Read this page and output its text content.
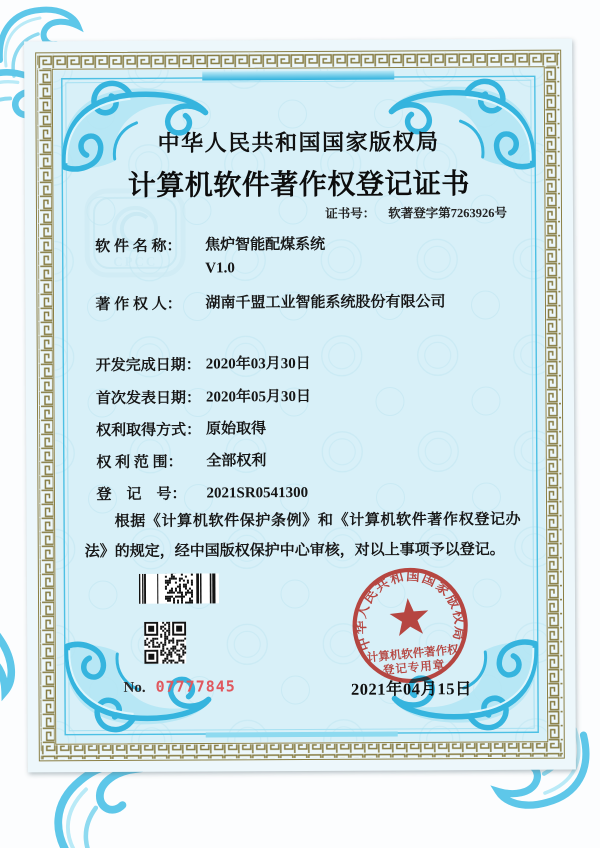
CPCC
中华人民共和国国家版权局
计算机软件著作权登记证书
证书号： 软著登字第7263926号
软 件 名 称：	焦炉智能配煤系统
V1.0
著 作 权 人：	湖南千盟工业智能系统股份有限公司
开发完成日期： 2020年03月30日
首次发表日期： 2020年05月30日
权利取得方式： 原始取得
权 利 范 围：	全部权利
登　记　号：	2021SR0541300
根据《计算机软件保护条例》和《计算机软件著作权登记办法》的规定，经中国版权保护中心审核，对以上事项予以登记。
No. 07777845
中华人民共和国国家版权局
计算机软件著作权
登记专用章
2021年04月15日
